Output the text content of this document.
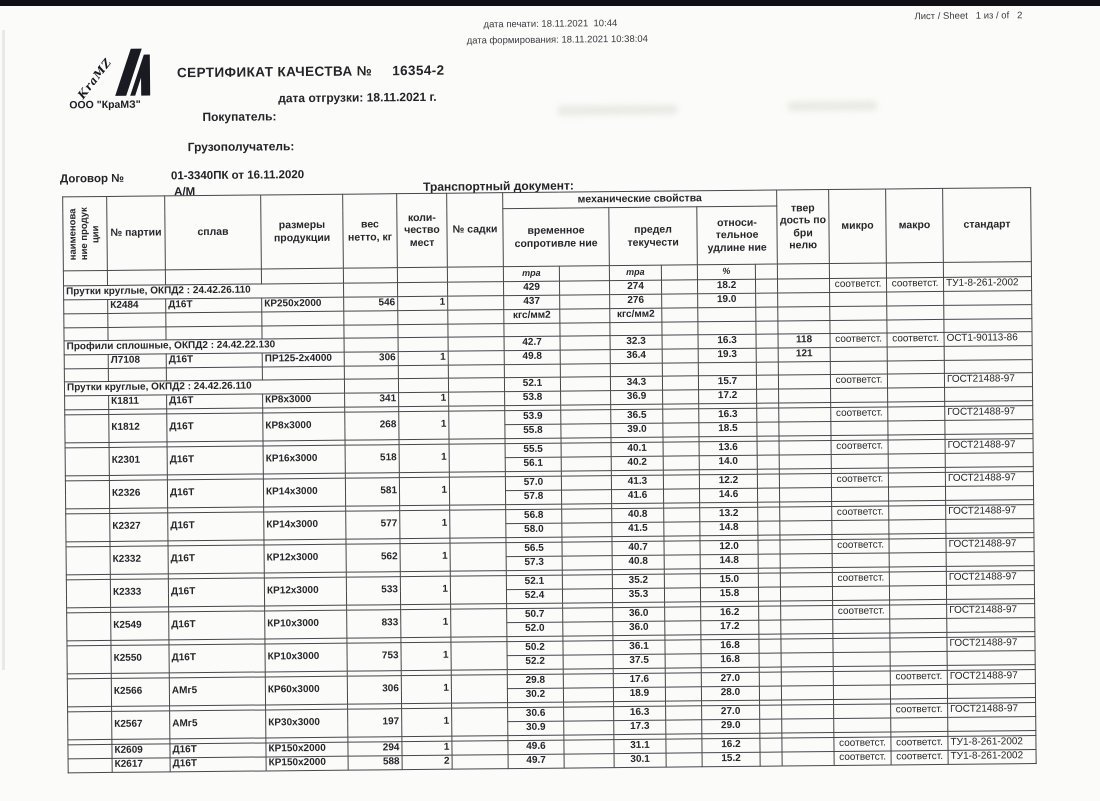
дата печати: 18.11.2021  10:44
дата формирования: 18.11.2021 10:38:04
Лист / Sheet   1 из / of   2
KraMZ
ООО "КраМЗ"
СЕРТИФИКАТ КАЧЕСТВА № 16354-2
дата отгрузки: 18.11.2021 г.
Покупатель:
Грузополучатель:
Договор №	01-3340ПК от 16.11.2020
А/М	Транспортный документ:
наименова ние продук ции	№ партии	сплав	размеры продукции	вес нетто, кг	коли- чество мест	№ садки	механические свойства						твер дость по бри нелю	микро	макро	стандарт
							временное сопротивле ние		предел текучести		относи- тельное удлине ние					
							mpa		mpa		%					
Прутки круглые, ОКПД2 : 24.42.26.110							429		274		18.2			соответст.	соответст.	ТУ1-8-261-2002
	К2484	Д16Т	КР250х2000	546	1		437		276		19.0					
							кгс/мм2		кгс/мм2							

Профили сплошные, ОКПД2 : 24.42.22.130							42.7		32.3		16.3		118	соответст.	соответст.	ОСТ1-90113-86
	Л7108	Д16Т	ПР125-2х4000	306	1		49.8		36.4		19.3		121			

Прутки круглые, ОКПД2 : 24.42.26.110							52.1		34.3		15.7			соответст.		ГОСТ21488-97
	К1811	Д16Т	КР8х3000	341	1		53.8		36.9		17.2					

	К1812	Д16Т	КР8х3000	268	1		53.9		36.5		16.3			соответст.		ГОСТ21488-97
							55.8		39.0		18.5					

	К2301	Д16Т	КР16х3000	518	1		55.5		40.1		13.6			соответст.		ГОСТ21488-97
							56.1		40.2		14.0					

	К2326	Д16Т	КР14х3000	581	1		57.0		41.3		12.2			соответст.		ГОСТ21488-97
							57.8		41.6		14.6					

	К2327	Д16Т	КР14х3000	577	1		56.8		40.8		13.2			соответст.		ГОСТ21488-97
							58.0		41.5		14.8					

	К2332	Д16Т	КР12х3000	562	1		56.5		40.7		12.0			соответст.		ГОСТ21488-97
							57.3		40.8		14.8					

	К2333	Д16Т	КР12х3000	533	1		52.1		35.2		15.0			соответст.		ГОСТ21488-97
							52.4		35.3		15.8					

	К2549	Д16Т	КР10х3000	833	1		50.7		36.0		16.2			соответст.		ГОСТ21488-97
							52.0		36.0		17.2					

	К2550	Д16Т	КР10х3000	753	1		50.2		36.1		16.8					ГОСТ21488-97
							52.2		37.5		16.8					

	К2566	АМг5	КР60х3000	306	1		29.8		17.6		27.0				соответст.	ГОСТ21488-97
							30.2		18.9		28.0					

	К2567	АМг5	КР30х3000	197	1		30.6		16.3		27.0				соответст.	ГОСТ21488-97
							30.9		17.3		29.0					

	К2609	Д16Т	КР150х2000	294	1		49.6		31.1		16.2			соответст.	соответст.	ТУ1-8-261-2002
	К2617	Д16Т	КР150х2000	588	2		49.7		30.1		15.2			соответст.	соответст.	ТУ1-8-261-2002
